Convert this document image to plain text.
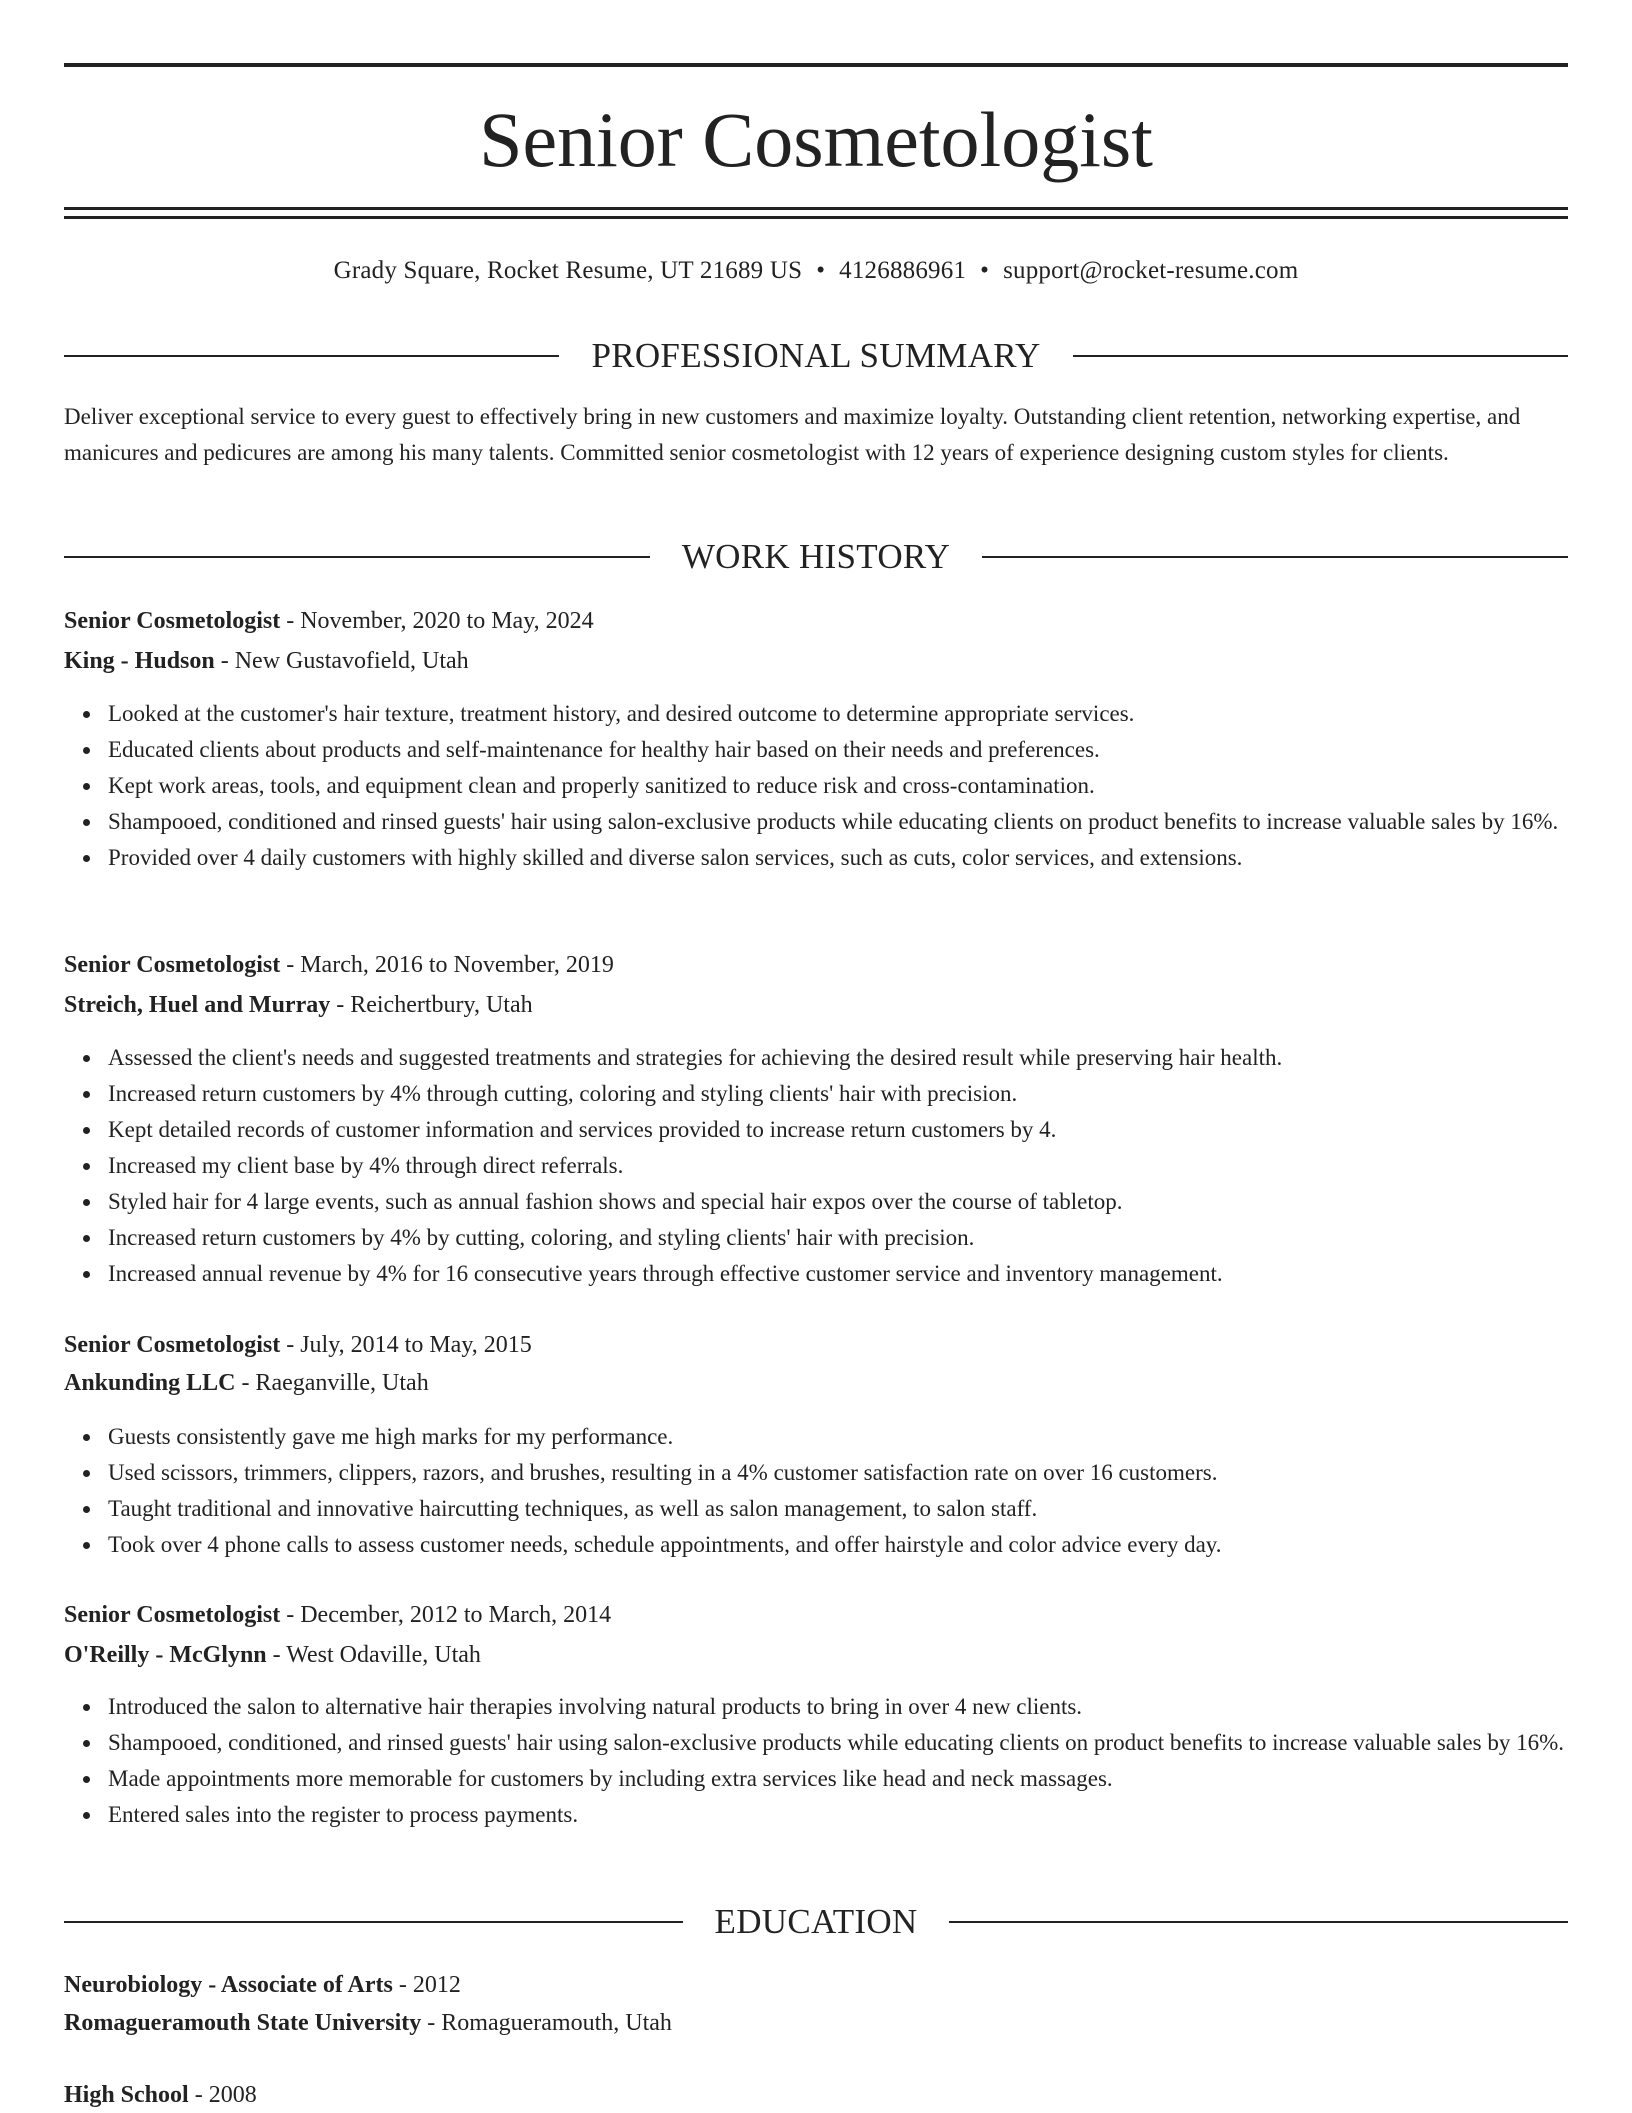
Senior Cosmetologist
Grady Square, Rocket Resume, UT 21689 US • 4126886961 • support@rocket-resume.com
PROFESSIONAL SUMMARY
Deliver exceptional service to every guest to effectively bring in new customers and maximize loyalty. Outstanding client retention, networking expertise, and manicures and pedicures are among his many talents. Committed senior cosmetologist with 12 years of experience designing custom styles for clients.
WORK HISTORY
Senior Cosmetologist - November, 2020 to May, 2024
King - Hudson - New Gustavofield, Utah
Looked at the customer's hair texture, treatment history, and desired outcome to determine appropriate services.
Educated clients about products and self-maintenance for healthy hair based on their needs and preferences.
Kept work areas, tools, and equipment clean and properly sanitized to reduce risk and cross-contamination.
Shampooed, conditioned and rinsed guests' hair using salon-exclusive products while educating clients on product benefits to increase valuable sales by 16%.
Provided over 4 daily customers with highly skilled and diverse salon services, such as cuts, color services, and extensions.
Senior Cosmetologist - March, 2016 to November, 2019
Streich, Huel and Murray - Reichertbury, Utah
Assessed the client's needs and suggested treatments and strategies for achieving the desired result while preserving hair health.
Increased return customers by 4% through cutting, coloring and styling clients' hair with precision.
Kept detailed records of customer information and services provided to increase return customers by 4.
Increased my client base by 4% through direct referrals.
Styled hair for 4 large events, such as annual fashion shows and special hair expos over the course of tabletop.
Increased return customers by 4% by cutting, coloring, and styling clients' hair with precision.
Increased annual revenue by 4% for 16 consecutive years through effective customer service and inventory management.
Senior Cosmetologist - July, 2014 to May, 2015
Ankunding LLC - Raeganville, Utah
Guests consistently gave me high marks for my performance.
Used scissors, trimmers, clippers, razors, and brushes, resulting in a 4% customer satisfaction rate on over 16 customers.
Taught traditional and innovative haircutting techniques, as well as salon management, to salon staff.
Took over 4 phone calls to assess customer needs, schedule appointments, and offer hairstyle and color advice every day.
Senior Cosmetologist - December, 2012 to March, 2014
O'Reilly - McGlynn - West Odaville, Utah
Introduced the salon to alternative hair therapies involving natural products to bring in over 4 new clients.
Shampooed, conditioned, and rinsed guests' hair using salon-exclusive products while educating clients on product benefits to increase valuable sales by 16%.
Made appointments more memorable for customers by including extra services like head and neck massages.
Entered sales into the register to process payments.
EDUCATION
Neurobiology - Associate of Arts - 2012
Romagueramouth State University - Romagueramouth, Utah
High School - 2008
